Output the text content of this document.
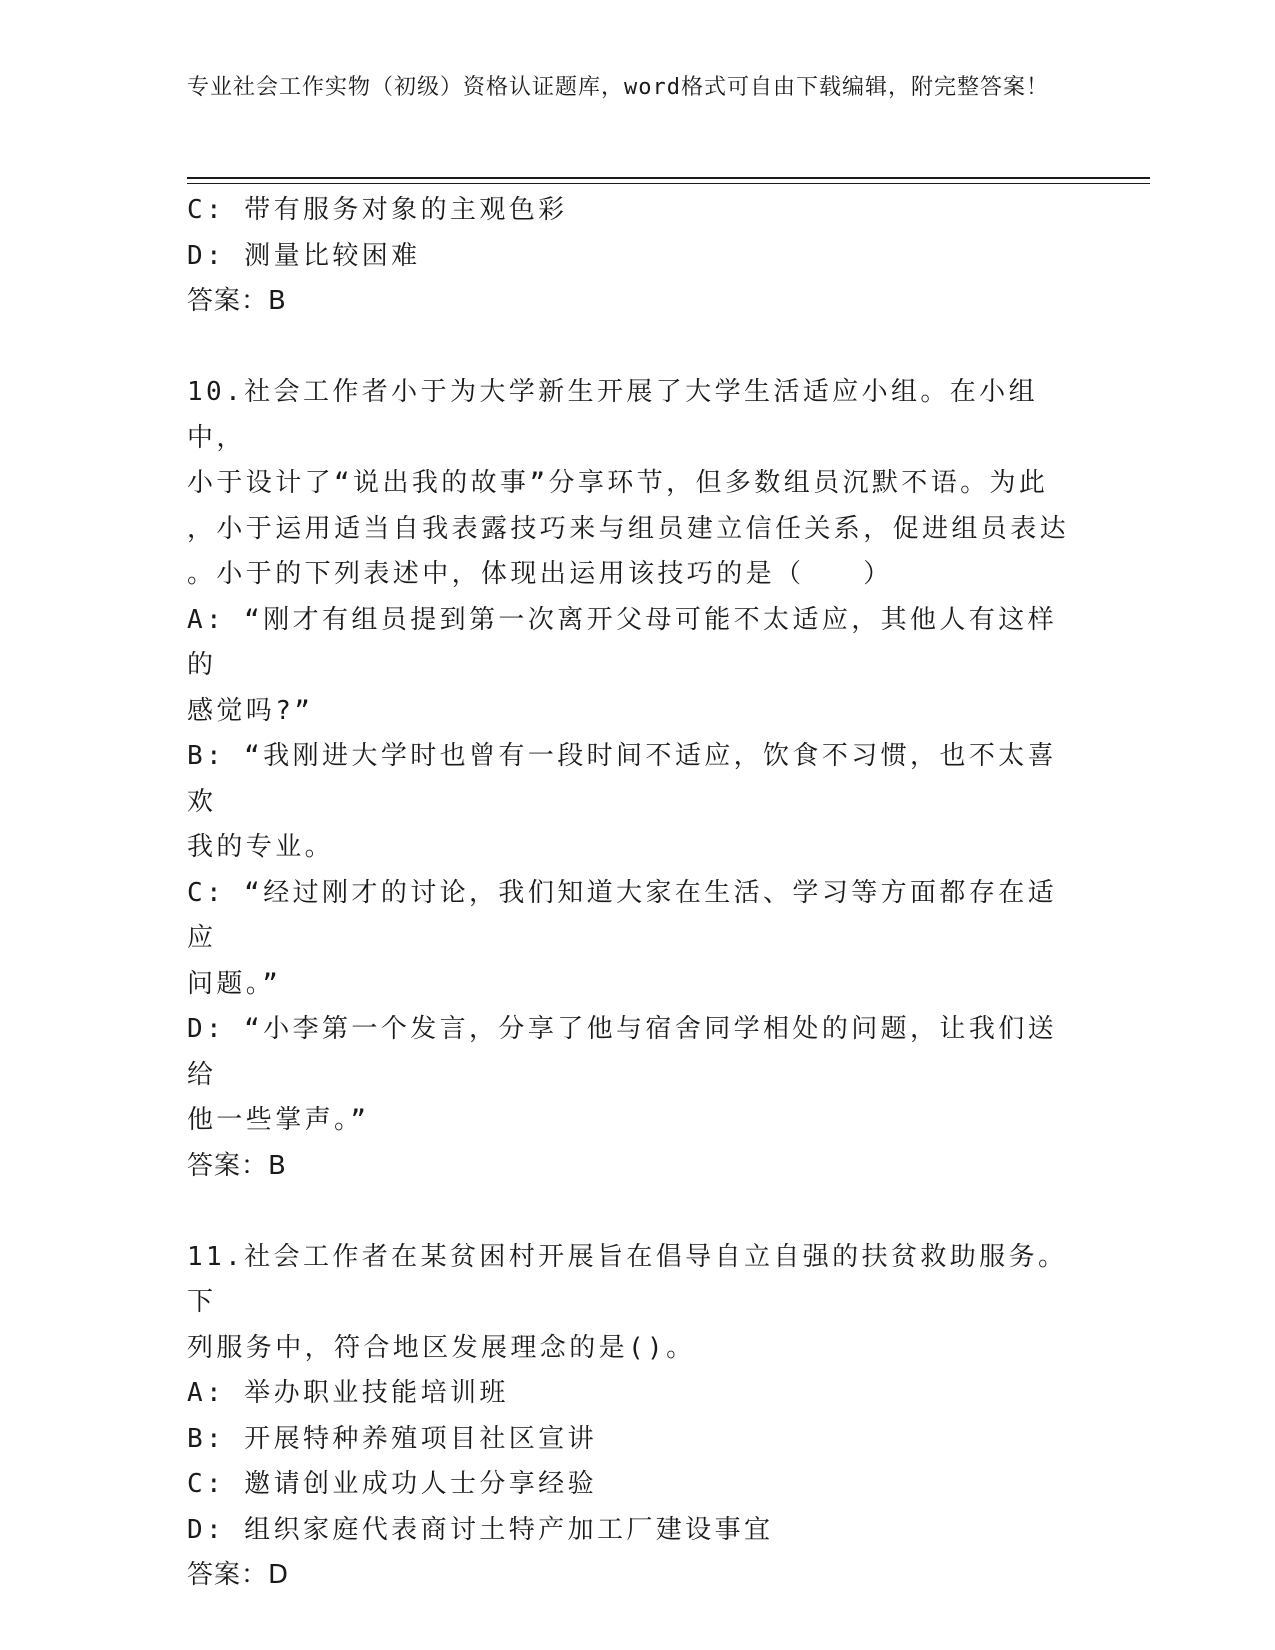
专业社会工作实物（初级）资格认证题库，word格式可自由下载编辑，附完整答案！

C: 带有服务对象的主观色彩

D: 测量比较困难

答案：B

10.社会工作者小于为大学新生开展了大学生活适应小组。在小组中，

小于设计了“说出我的故事”分享环节，但多数组员沉默不语。为此

，小于运用适当自我表露技巧来与组员建立信任关系，促进组员表达

。小于的下列表述中，体现出运用该技巧的是（　　）

A: “刚才有组员提到第一次离开父母可能不太适应，其他人有这样的

感觉吗?”

B: “我刚进大学时也曾有一段时间不适应，饮食不习惯，也不太喜欢

我的专业。

C: “经过刚才的讨论，我们知道大家在生活、学习等方面都存在适应

问题。”

D: “小李第一个发言，分享了他与宿舍同学相处的问题，让我们送给

他一些掌声。”

答案：B

11.社会工作者在某贫困村开展旨在倡导自立自强的扶贫救助服务。下

列服务中，符合地区发展理念的是()。

A: 举办职业技能培训班

B: 开展特种养殖项目社区宣讲

C: 邀请创业成功人士分享经验

D: 组织家庭代表商讨土特产加工厂建设事宜

答案：D
